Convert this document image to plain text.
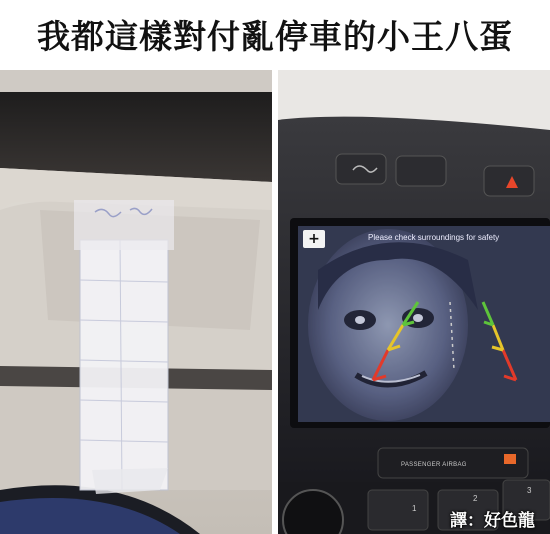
我都這樣對付亂停車的小王八蛋
+	Please check surroundings for safety
PASSENGER AIRBAG
1
2
3
譯：好色龍
